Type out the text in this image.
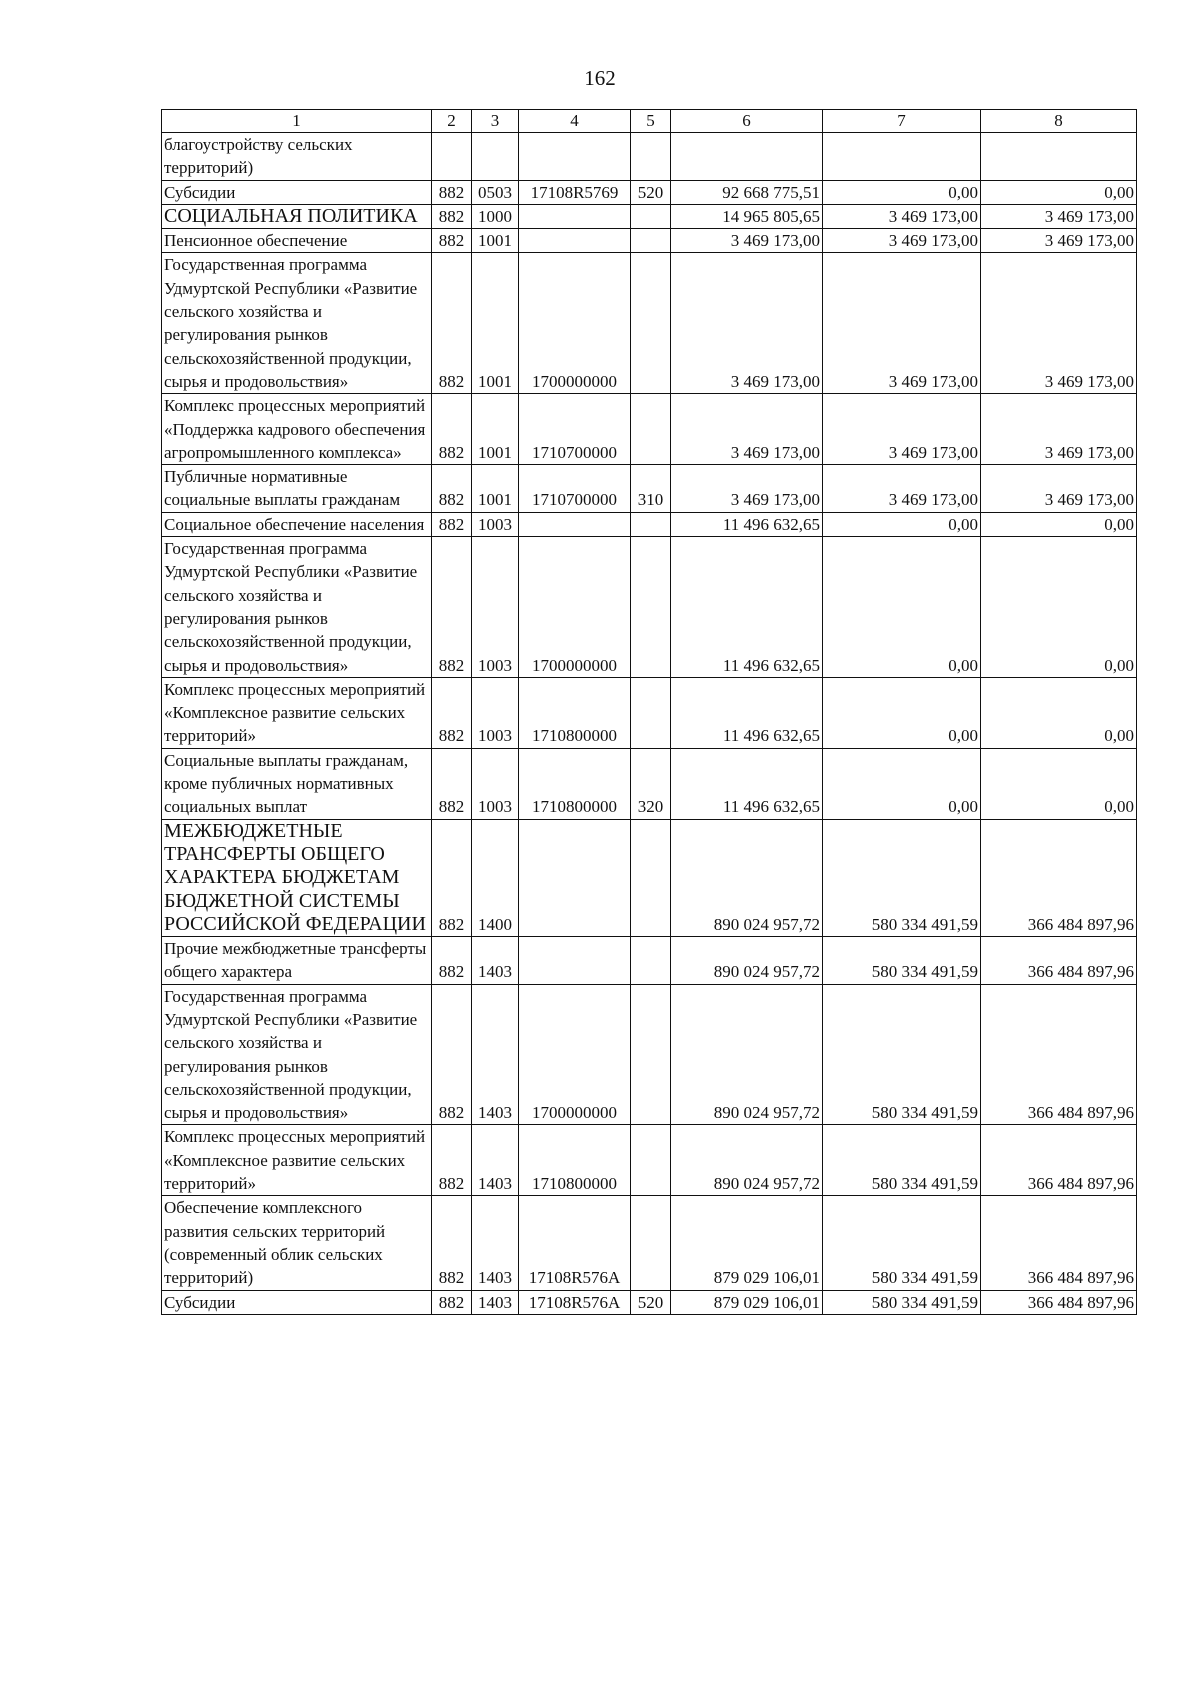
162
1	2	3	4	5	6	7	8
благоустройству сельских территорий)							
Субсидии	882	0503	17108R5769	520	92 668 775,51	0,00	0,00
СОЦИАЛЬНАЯ ПОЛИТИКА	882	1000			14 965 805,65	3 469 173,00	3 469 173,00
Пенсионное обеспечение	882	1001			3 469 173,00	3 469 173,00	3 469 173,00
Государственная программа Удмуртской Республики «Развитие сельского хозяйства и регулирования рынков сельскохозяйственной продукции, сырья и продовольствия»	882	1001	1700000000		3 469 173,00	3 469 173,00	3 469 173,00
Комплекс процессных мероприятий «Поддержка кадрового обеспечения агропромышленного комплекса»	882	1001	1710700000		3 469 173,00	3 469 173,00	3 469 173,00
Публичные нормативные социальные выплаты гражданам	882	1001	1710700000	310	3 469 173,00	3 469 173,00	3 469 173,00
Социальное обеспечение населения	882	1003			11 496 632,65	0,00	0,00
Государственная программа Удмуртской Республики «Развитие сельского хозяйства и регулирования рынков сельскохозяйственной продукции, сырья и продовольствия»	882	1003	1700000000		11 496 632,65	0,00	0,00
Комплекс процессных мероприятий «Комплексное развитие сельских территорий»	882	1003	1710800000		11 496 632,65	0,00	0,00
Социальные выплаты гражданам, кроме публичных нормативных социальных выплат	882	1003	1710800000	320	11 496 632,65	0,00	0,00
МЕЖБЮДЖЕТНЫЕ ТРАНСФЕРТЫ ОБЩЕГО ХАРАКТЕРА БЮДЖЕТАМ БЮДЖЕТНОЙ СИСТЕМЫ РОССИЙСКОЙ ФЕДЕРАЦИИ	882	1400			890 024 957,72	580 334 491,59	366 484 897,96
Прочие межбюджетные трансферты общего характера	882	1403			890 024 957,72	580 334 491,59	366 484 897,96
Государственная программа Удмуртской Республики «Развитие сельского хозяйства и регулирования рынков сельскохозяйственной продукции, сырья и продовольствия»	882	1403	1700000000		890 024 957,72	580 334 491,59	366 484 897,96
Комплекс процессных мероприятий «Комплексное развитие сельских территорий»	882	1403	1710800000		890 024 957,72	580 334 491,59	366 484 897,96
Обеспечение комплексного развития сельских территорий (современный облик сельских территорий)	882	1403	17108R576A		879 029 106,01	580 334 491,59	366 484 897,96
Субсидии	882	1403	17108R576A	520	879 029 106,01	580 334 491,59	366 484 897,96
